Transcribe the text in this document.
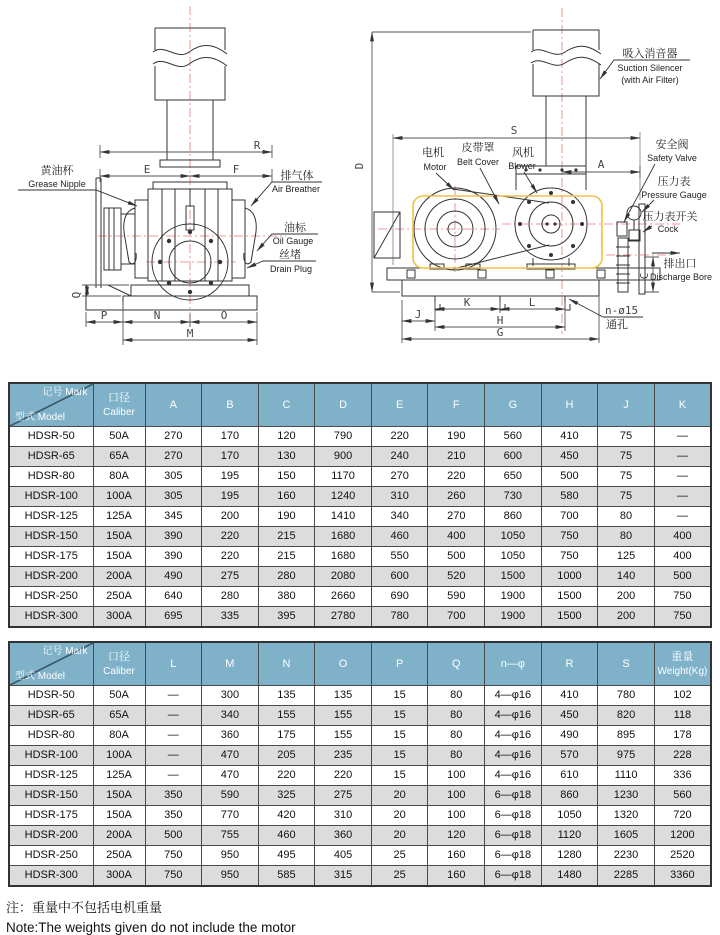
黄油杯
Grease Nipple
排气体
Air Breather
油标
Oil Gauge
丝堵
Drain Plug
R
E	F
Q
P	N	O
M
吸入消音器
Suction Silencer
(with Air Filter)
电机
Motor
皮带罩
Belt Cover
风机
Blower
安全阀
Safety Valve
压力表
Pressure Gauge
压力表开关
Cock
排出口
Discharge Bore
n-ø15
通孔
D
S
A
C
J
K	L
H
G
记号 Mark
型式 Model

口径
Caliber

A	B	C	D	E	F	G	H	J	K

HDSR-50	50A	270	170	120	790	220	190	560	410	75	—
HDSR-65	65A	270	170	130	900	240	210	600	450	75	—
HDSR-80	80A	305	195	150	1170	270	220	650	500	75	—
HDSR-100	100A	305	195	160	1240	310	260	730	580	75	—
HDSR-125	125A	345	200	190	1410	340	270	860	700	80	—
HDSR-150	150A	390	220	215	1680	460	400	1050	750	80	400
HDSR-175	150A	390	220	215	1680	550	500	1050	750	125	400
HDSR-200	200A	490	275	280	2080	600	520	1500	1000	140	500
HDSR-250	250A	640	280	380	2660	690	590	1900	1500	200	750
HDSR-300	300A	695	335	395	2780	780	700	1900	1500	200	750
记号 Mark
型式 Model

口径
Caliber

L	M	N	O	P	Q	n—φ	R	S

重量
Weight(Kg)

HDSR-50	50A	—	300	135	135	15	80	4—φ16	410	780	102
HDSR-65	65A	—	340	155	155	15	80	4—φ16	450	820	118
HDSR-80	80A	—	360	175	155	15	80	4—φ16	490	895	178
HDSR-100	100A	—	470	205	235	15	80	4—φ16	570	975	228
HDSR-125	125A	—	470	220	220	15	100	4—φ16	610	1110	336
HDSR-150	150A	350	590	325	275	20	100	6—φ18	860	1230	560
HDSR-175	150A	350	770	420	310	20	100	6—φ18	1050	1320	720
HDSR-200	200A	500	755	460	360	20	120	6—φ18	1120	1605	1200
HDSR-250	250A	750	950	495	405	25	160	6—φ18	1280	2230	2520
HDSR-300	300A	750	950	585	315	25	160	6—φ18	1480	2285	3360
注：重量中不包括电机重量
Note:The weights given do not include the motor
